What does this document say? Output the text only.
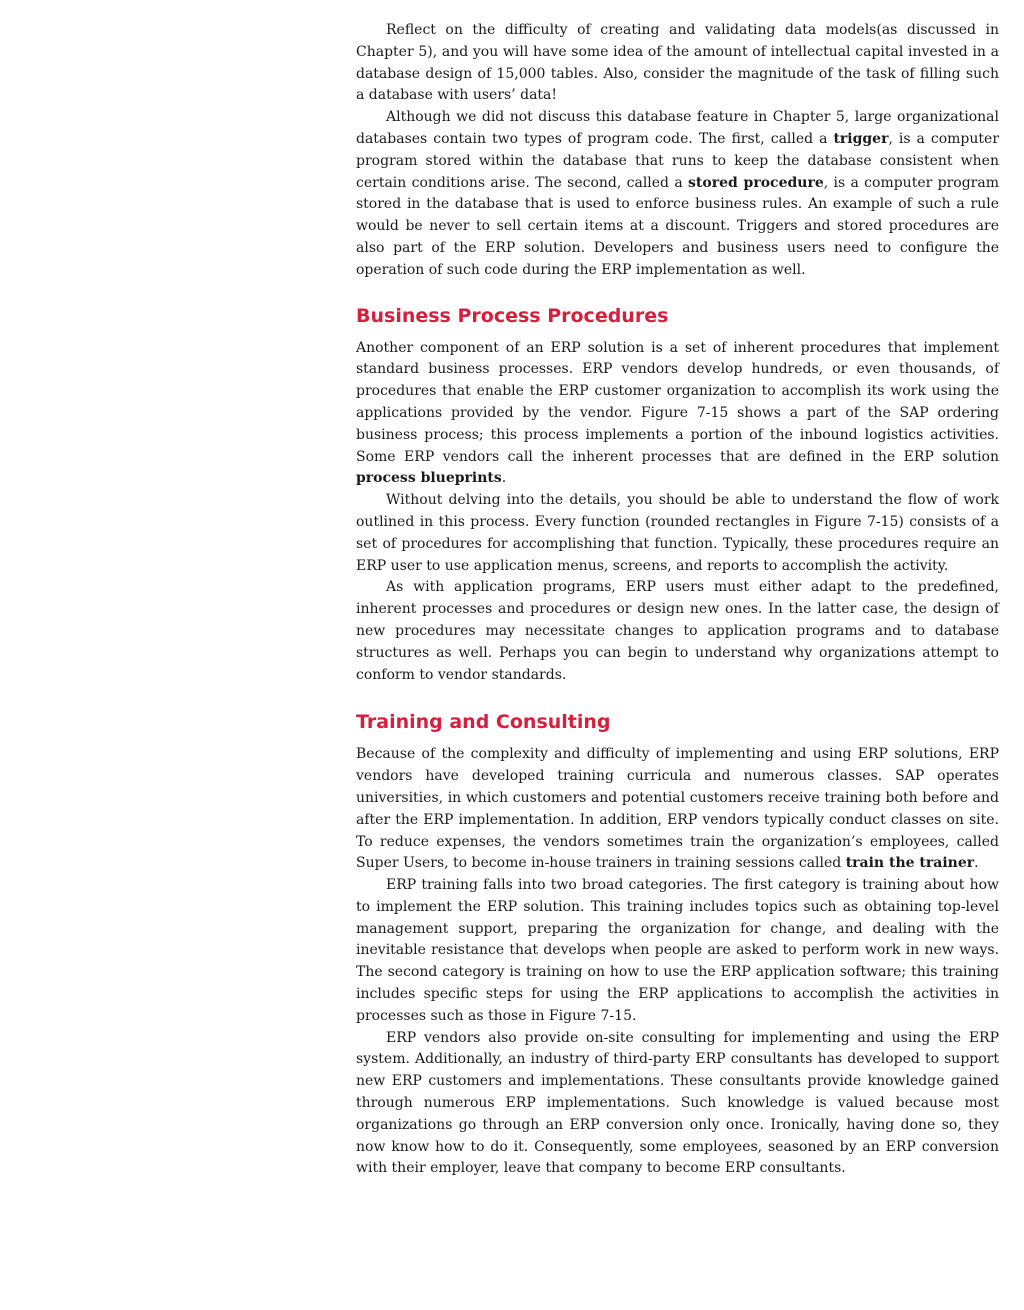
Reflect on the difficulty of creating and validating data models(as discussed in Chapter 5), and you will have some idea of the amount of intellectual capital invested in a database design of 15,000 tables. Also, consider the magnitude of the task of filling such a database with users’ data!

Although we did not discuss this database feature in Chapter 5, large organizational databases contain two types of program code. The first, called a trigger, is a computer program stored within the database that runs to keep the database consistent when certain conditions arise. The second, called a stored procedure, is a computer program stored in the database that is used to enforce business rules. An example of such a rule would be never to sell certain items at a discount. Triggers and stored procedures are also part of the ERP solution. Developers and business users need to configure the operation of such code during the ERP implementation as well.

Business Process Procedures

Another component of an ERP solution is a set of inherent procedures that implement standard business processes. ERP vendors develop hundreds, or even thousands, of procedures that enable the ERP customer organization to accomplish its work using the applications provided by the vendor. Figure 7-15 shows a part of the SAP ordering business process; this process implements a portion of the inbound logistics activities. Some ERP vendors call the inherent processes that are defined in the ERP solution process blueprints.

Without delving into the details, you should be able to understand the flow of work outlined in this process. Every function (rounded rectangles in Figure 7-15) consists of a set of procedures for accomplishing that function. Typically, these procedures require an ERP user to use application menus, screens, and reports to accomplish the activity.

As with application programs, ERP users must either adapt to the predefined, inherent processes and procedures or design new ones. In the latter case, the design of new procedures may necessitate changes to application programs and to database structures as well. Perhaps you can begin to understand why organizations attempt to conform to vendor standards.

Training and Consulting

Because of the complexity and difficulty of implementing and using ERP solutions, ERP vendors have developed training curricula and numerous classes. SAP operates universities, in which customers and potential customers receive training both before and after the ERP implementation. In addition, ERP vendors typically conduct classes on site. To reduce expenses, the vendors sometimes train the organization’s employees, called Super Users, to become in-house trainers in training sessions called train the trainer.

ERP training falls into two broad categories. The first category is training about how to implement the ERP solution. This training includes topics such as obtaining top-level management support, preparing the organization for change, and dealing with the inevitable resistance that develops when people are asked to perform work in new ways. The second category is training on how to use the ERP application software; this training includes specific steps for using the ERP applications to accomplish the activities in processes such as those in Figure 7-15.

ERP vendors also provide on-site consulting for implementing and using the ERP system. Additionally, an industry of third-party ERP consultants has developed to support new ERP customers and implementations. These consultants provide knowledge gained through numerous ERP implementations. Such knowledge is valued because most organizations go through an ERP conversion only once. Ironically, having done so, they now know how to do it. Consequently, some employees, seasoned by an ERP conversion with their employer, leave that company to become ERP consultants.
